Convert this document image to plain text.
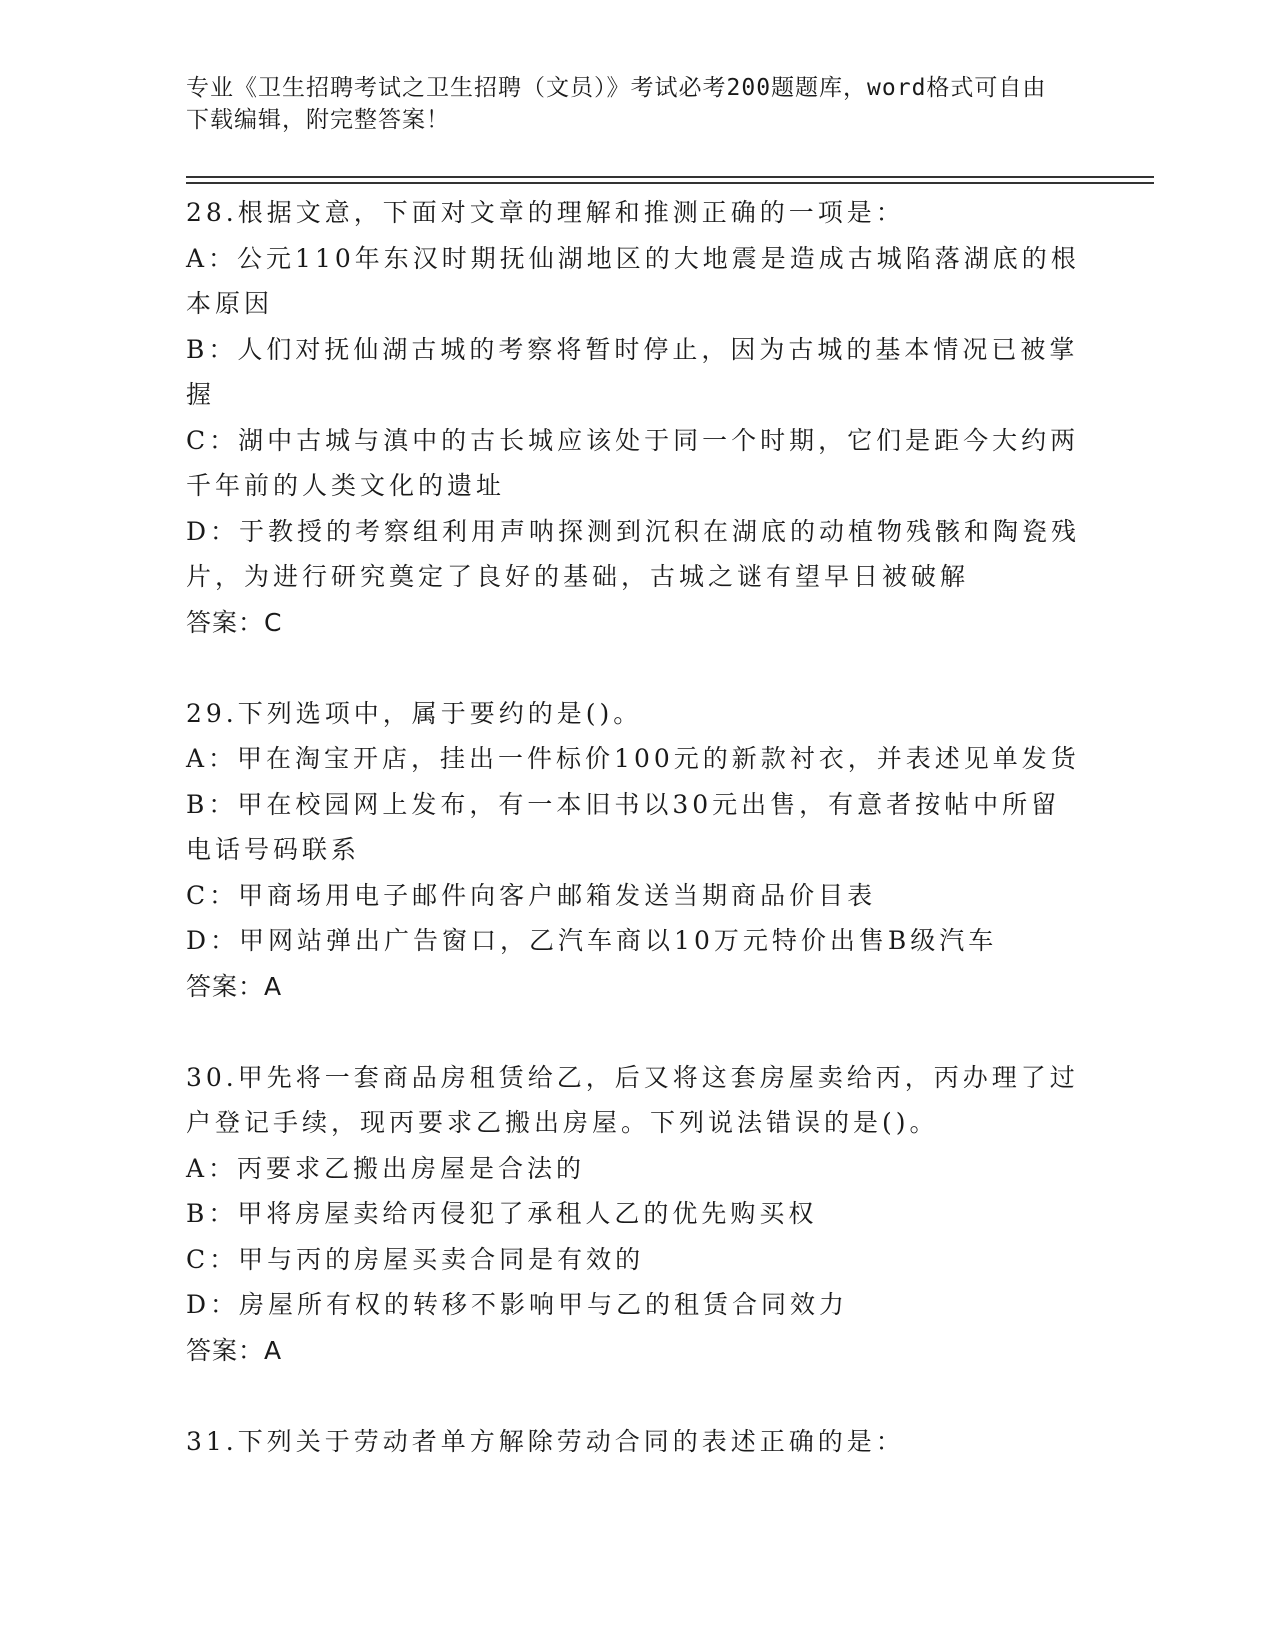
专业《卫生招聘考试之卫生招聘（文员）》考试必考200题题库，word格式可自由下载编辑，附完整答案！

28.根据文意，下面对文章的理解和推测正确的一项是：

A：公元110年东汉时期抚仙湖地区的大地震是造成古城陷落湖底的根本原因

B：人们对抚仙湖古城的考察将暂时停止，因为古城的基本情况已被掌握

C：湖中古城与滇中的古长城应该处于同一个时期，它们是距今大约两千年前的人类文化的遗址

D：于教授的考察组利用声呐探测到沉积在湖底的动植物残骸和陶瓷残片，为进行研究奠定了良好的基础，古城之谜有望早日被破解

答案：C

29.下列选项中，属于要约的是()。

A：甲在淘宝开店，挂出一件标价100元的新款衬衣，并表述见单发货

B：甲在校园网上发布，有一本旧书以30元出售，有意者按帖中所留电话号码联系

C：甲商场用电子邮件向客户邮箱发送当期商品价目表

D：甲网站弹出广告窗口，乙汽车商以10万元特价出售B级汽车

答案：A

30.甲先将一套商品房租赁给乙，后又将这套房屋卖给丙，丙办理了过户登记手续，现丙要求乙搬出房屋。下列说法错误的是()。

A：丙要求乙搬出房屋是合法的

B：甲将房屋卖给丙侵犯了承租人乙的优先购买权

C：甲与丙的房屋买卖合同是有效的

D：房屋所有权的转移不影响甲与乙的租赁合同效力

答案：A

31.下列关于劳动者单方解除劳动合同的表述正确的是：
